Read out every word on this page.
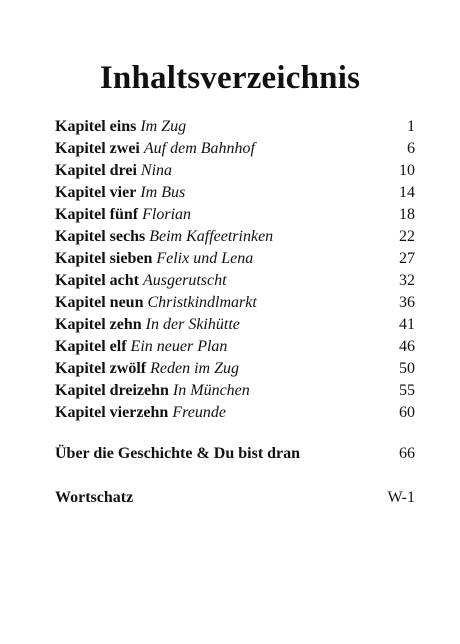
Inhaltsverzeichnis
Kapitel eins Im Zug	1
Kapitel zwei Auf dem Bahnhof	6
Kapitel drei Nina	10
Kapitel vier Im Bus	14
Kapitel fünf Florian	18
Kapitel sechs Beim Kaffeetrinken	22
Kapitel sieben Felix und Lena	27
Kapitel acht Ausgerutscht	32
Kapitel neun Christkindlmarkt	36
Kapitel zehn In der Skihütte	41
Kapitel elf Ein neuer Plan	46
Kapitel zwölf Reden im Zug	50
Kapitel dreizehn In München	55
Kapitel vierzehn Freunde	60
Über die Geschichte & Du bist dran	66
Wortschatz	W-1
